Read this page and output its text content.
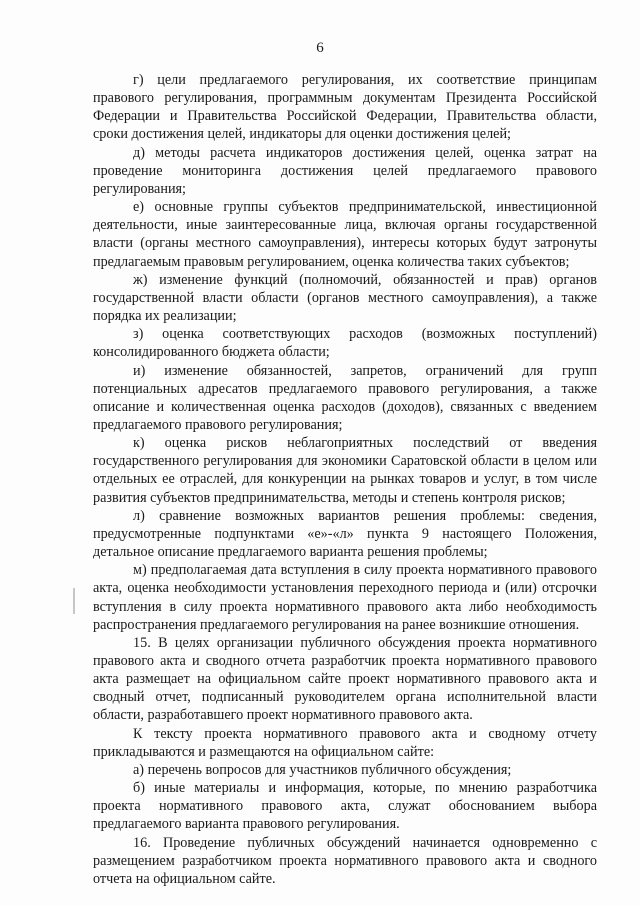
6

г) цели предлагаемого регулирования, их соответствие принципам правового регулирования, программным документам Президента Российской Федерации и Правительства Российской Федерации, Правительства области, сроки достижения целей, индикаторы для оценки достижения целей;

д) методы расчета индикаторов достижения целей, оценка затрат на проведение мониторинга достижения целей предлагаемого правового регулирования;

е) основные группы субъектов предпринимательской, инвестиционной деятельности, иные заинтересованные лица, включая органы государственной власти (органы местного самоуправления), интересы которых будут затронуты предлагаемым правовым регулированием, оценка количества таких субъектов;

ж) изменение функций (полномочий, обязанностей и прав) органов государственной власти области (органов местного самоуправления), а также порядка их реализации;

з) оценка соответствующих расходов (возможных поступлений) консолидированного бюджета области;

и) изменение обязанностей, запретов, ограничений для групп потенциальных адресатов предлагаемого правового регулирования, а также описание и количественная оценка расходов (доходов), связанных с введением предлагаемого правового регулирования;

к) оценка рисков неблагоприятных последствий от введения государственного регулирования для экономики Саратовской области в целом или отдельных ее отраслей, для конкуренции на рынках товаров и услуг, в том числе развития субъектов предпринимательства, методы и степень контроля рисков;

л) сравнение возможных вариантов решения проблемы: сведения, предусмотренные подпунктами «е»-«л» пункта 9 настоящего Положения, детальное описание предлагаемого варианта решения проблемы;

м) предполагаемая дата вступления в силу проекта нормативного правового акта, оценка необходимости установления переходного периода и (или) отсрочки вступления в силу проекта нормативного правового акта либо необходимость распространения предлагаемого регулирования на ранее возникшие отношения.

15. В целях организации публичного обсуждения проекта нормативного правового акта и сводного отчета разработчик проекта нормативного правового акта размещает на официальном сайте проект нормативного правового акта и сводный отчет, подписанный руководителем органа исполнительной власти области, разработавшего проект нормативного правового акта.

К тексту проекта нормативного правового акта и сводному отчету прикладываются и размещаются на официальном сайте:

а) перечень вопросов для участников публичного обсуждения;

б) иные материалы и информация, которые, по мнению разработчика проекта нормативного правового акта, служат обоснованием выбора предлагаемого варианта правового регулирования.

16. Проведение публичных обсуждений начинается одновременно с размещением разработчиком проекта нормативного правового акта и сводного отчета на официальном сайте.
